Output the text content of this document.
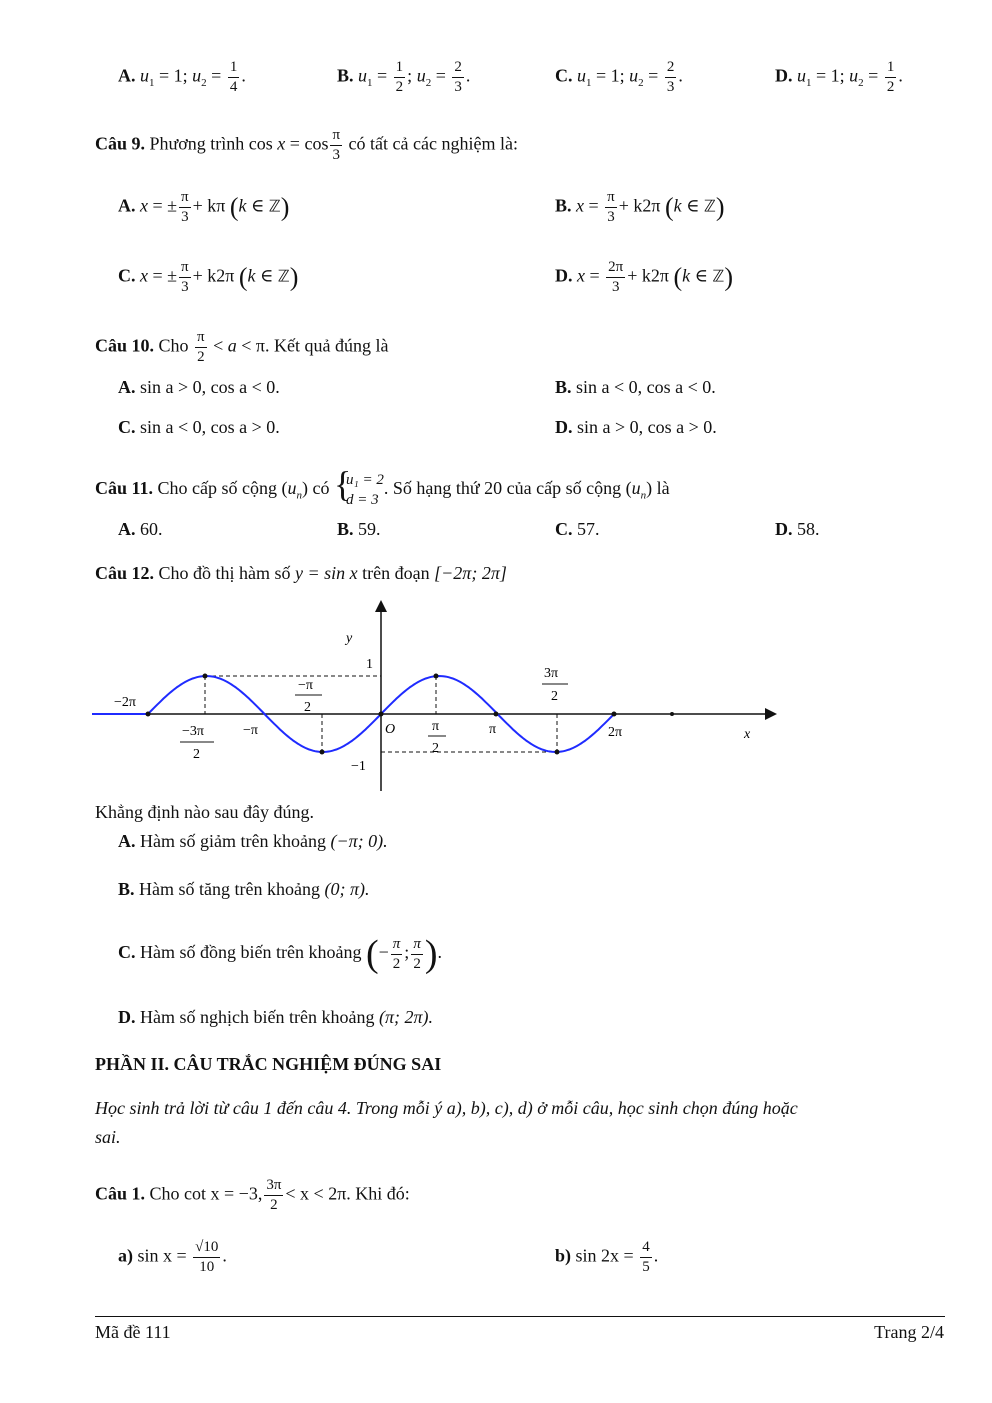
A. $u_1 = 1$; $u_2 = \frac{1}{4}$ .	B. $u_1 = \frac{1}{2}$ ; $u_2 = \frac{2}{3}$ .	C. $u_1 = 1$; $u_2 = \frac{2}{3}$ .	D. $u_1 = 1$; $u_2 = \frac{1}{2}$ .
Câu 9. Phương trình $\cos x = \cos \frac{\pi}{3}$ có tất cả các nghiệm là:
A. x = ± $\frac{\pi}{3} + k\pi$ (k ∈ ℤ)	B. $x = \frac{\pi}{3} + k2\pi$ (k ∈ ℤ)
C. x = ± $\frac{\pi}{3} + k2\pi$ (k ∈ ℤ)	D. $x = \frac{2\pi}{3} + k2\pi$ (k ∈ ℤ)
Câu 10. Cho $\frac{\pi}{2} < a < \pi$. Kết quả đúng là
A. sin a > 0, cos a < 0.	B. sin a < 0, cos a < 0.
C. sin a < 0, cos a > 0.	D. sin a > 0, cos a > 0.
Câu 11. Cho cấp số cộng $(u_n)$ có {
u₁ = 2
d = 3
. Số hạng thứ 20 của cấp số cộng $(u_n)$ là
A. 60.	B. 59.	C. 57.	D. 58.
Câu 12. Cho đồ thị hàm số y = sin x trên đoạn [−2π; 2π]
y
x
1
−1
O
−2π
−π	π	2π
−3π
2
−π
2
π
2
3π
2
Khẳng định nào sau đây đúng.
A. Hàm số giảm trên khoảng (−π; 0).
B. Hàm số tăng trên khoảng (0; π).
C. Hàm số đồng biến trên khoảng (− $\frac{\pi}{2}$ ; $\frac{\pi}{2}$ ).
D. Hàm số nghịch biến trên khoảng (π; 2π).
PHẦN II. CÂU TRẮC NGHIỆM ĐÚNG SAI
Học sinh trả lời từ câu 1 đến câu 4. Trong mỗi ý a), b), c), d) ở mỗi câu, học sinh chọn đúng hoặc
sai.
Câu 1. Cho cot x = −3, $\frac{3\pi}{2} < x < 2\pi$. Khi đó:
a) $\sin x = \frac{√10}{10}$ .	b) $\sin 2x = \frac{4}{5}$ .
Mã đề 111	Trang 2/4
